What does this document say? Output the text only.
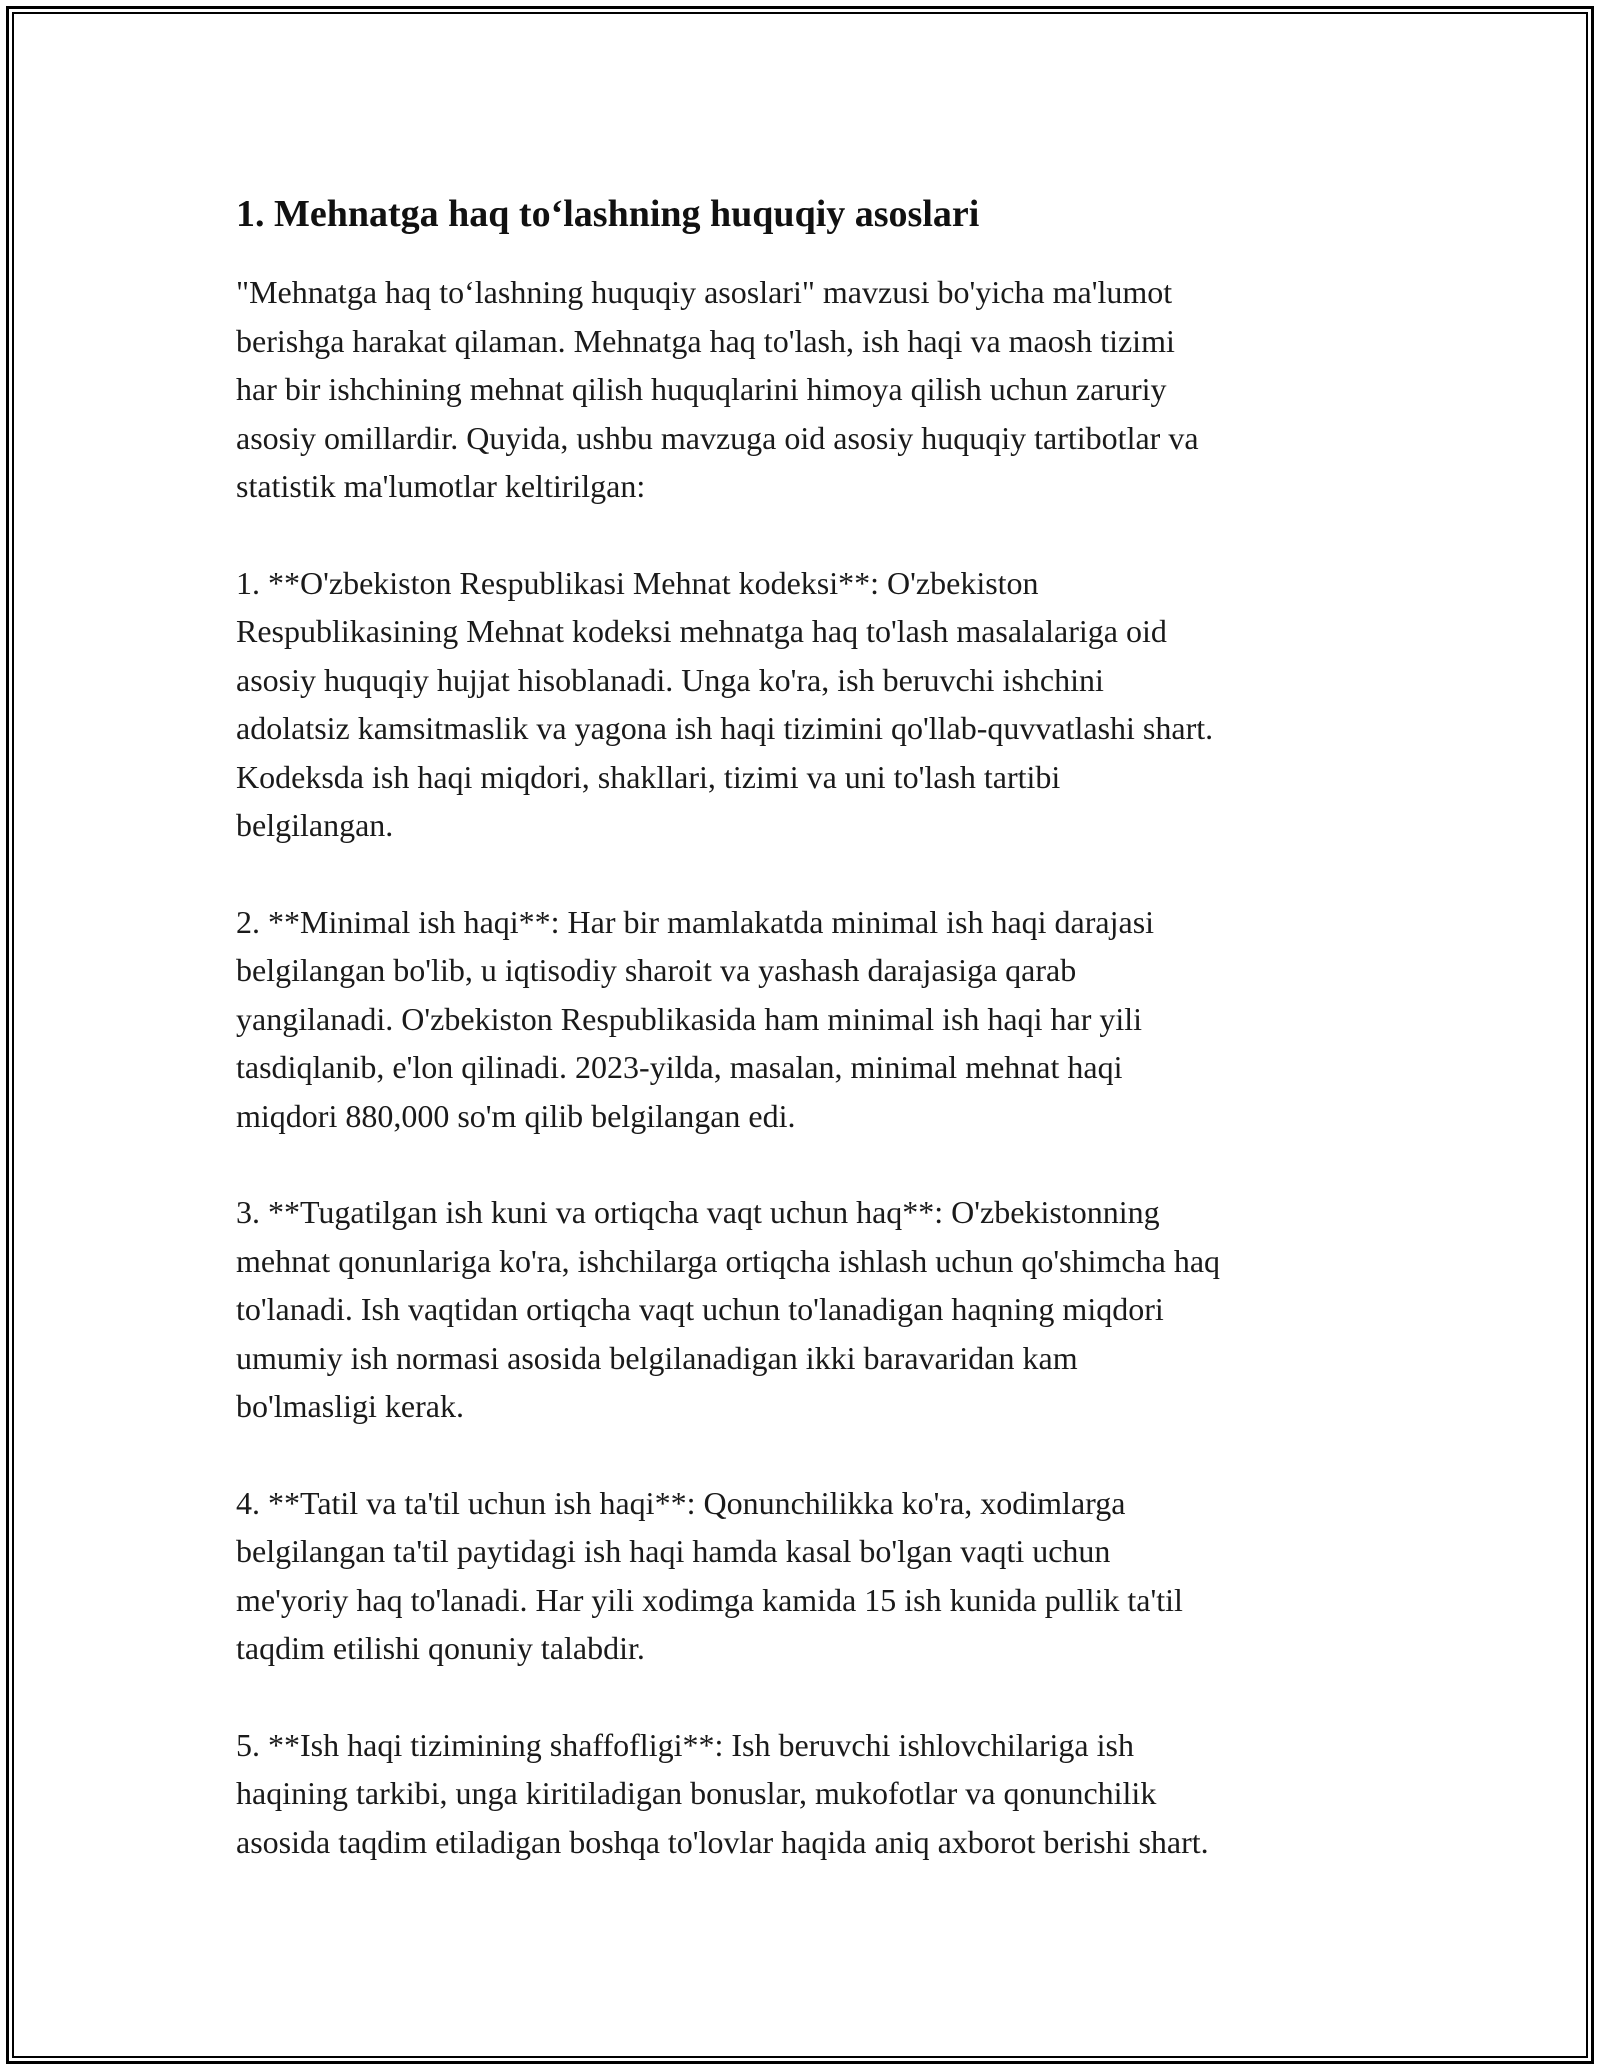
1. Mehnatga haq to‘lashning huquqiy asoslari

"Mehnatga haq to‘lashning huquqiy asoslari" mavzusi bo'yicha ma'lumot
berishga harakat qilaman. Mehnatga haq to'lash, ish haqi va maosh tizimi
har bir ishchining mehnat qilish huquqlarini himoya qilish uchun zaruriy
asosiy omillardir. Quyida, ushbu mavzuga oid asosiy huquqiy tartibotlar va
statistik ma'lumotlar keltirilgan:

1. **O'zbekiston Respublikasi Mehnat kodeksi**: O'zbekiston
Respublikasining Mehnat kodeksi mehnatga haq to'lash masalalariga oid
asosiy huquqiy hujjat hisoblanadi. Unga ko'ra, ish beruvchi ishchini
adolatsiz kamsitmaslik va yagona ish haqi tizimini qo'llab-quvvatlashi shart.
Kodeksda ish haqi miqdori, shakllari, tizimi va uni to'lash tartibi
belgilangan.

2. **Minimal ish haqi**: Har bir mamlakatda minimal ish haqi darajasi
belgilangan bo'lib, u iqtisodiy sharoit va yashash darajasiga qarab
yangilanadi. O'zbekiston Respublikasida ham minimal ish haqi har yili
tasdiqlanib, e'lon qilinadi. 2023-yilda, masalan, minimal mehnat haqi
miqdori 880,000 so'm qilib belgilangan edi.

3. **Tugatilgan ish kuni va ortiqcha vaqt uchun haq**: O'zbekistonning
mehnat qonunlariga ko'ra, ishchilarga ortiqcha ishlash uchun qo'shimcha haq
to'lanadi. Ish vaqtidan ortiqcha vaqt uchun to'lanadigan haqning miqdori
umumiy ish normasi asosida belgilanadigan ikki baravaridan kam
bo'lmasligi kerak.

4. **Tatil va ta'til uchun ish haqi**: Qonunchilikka ko'ra, xodimlarga
belgilangan ta'til paytidagi ish haqi hamda kasal bo'lgan vaqti uchun
me'yoriy haq to'lanadi. Har yili xodimga kamida 15 ish kunida pullik ta'til
taqdim etilishi qonuniy talabdir.

5. **Ish haqi tizimining shaffofligi**: Ish beruvchi ishlovchilariga ish
haqining tarkibi, unga kiritiladigan bonuslar, mukofotlar va qonunchilik
asosida taqdim etiladigan boshqa to'lovlar haqida aniq axborot berishi shart.
